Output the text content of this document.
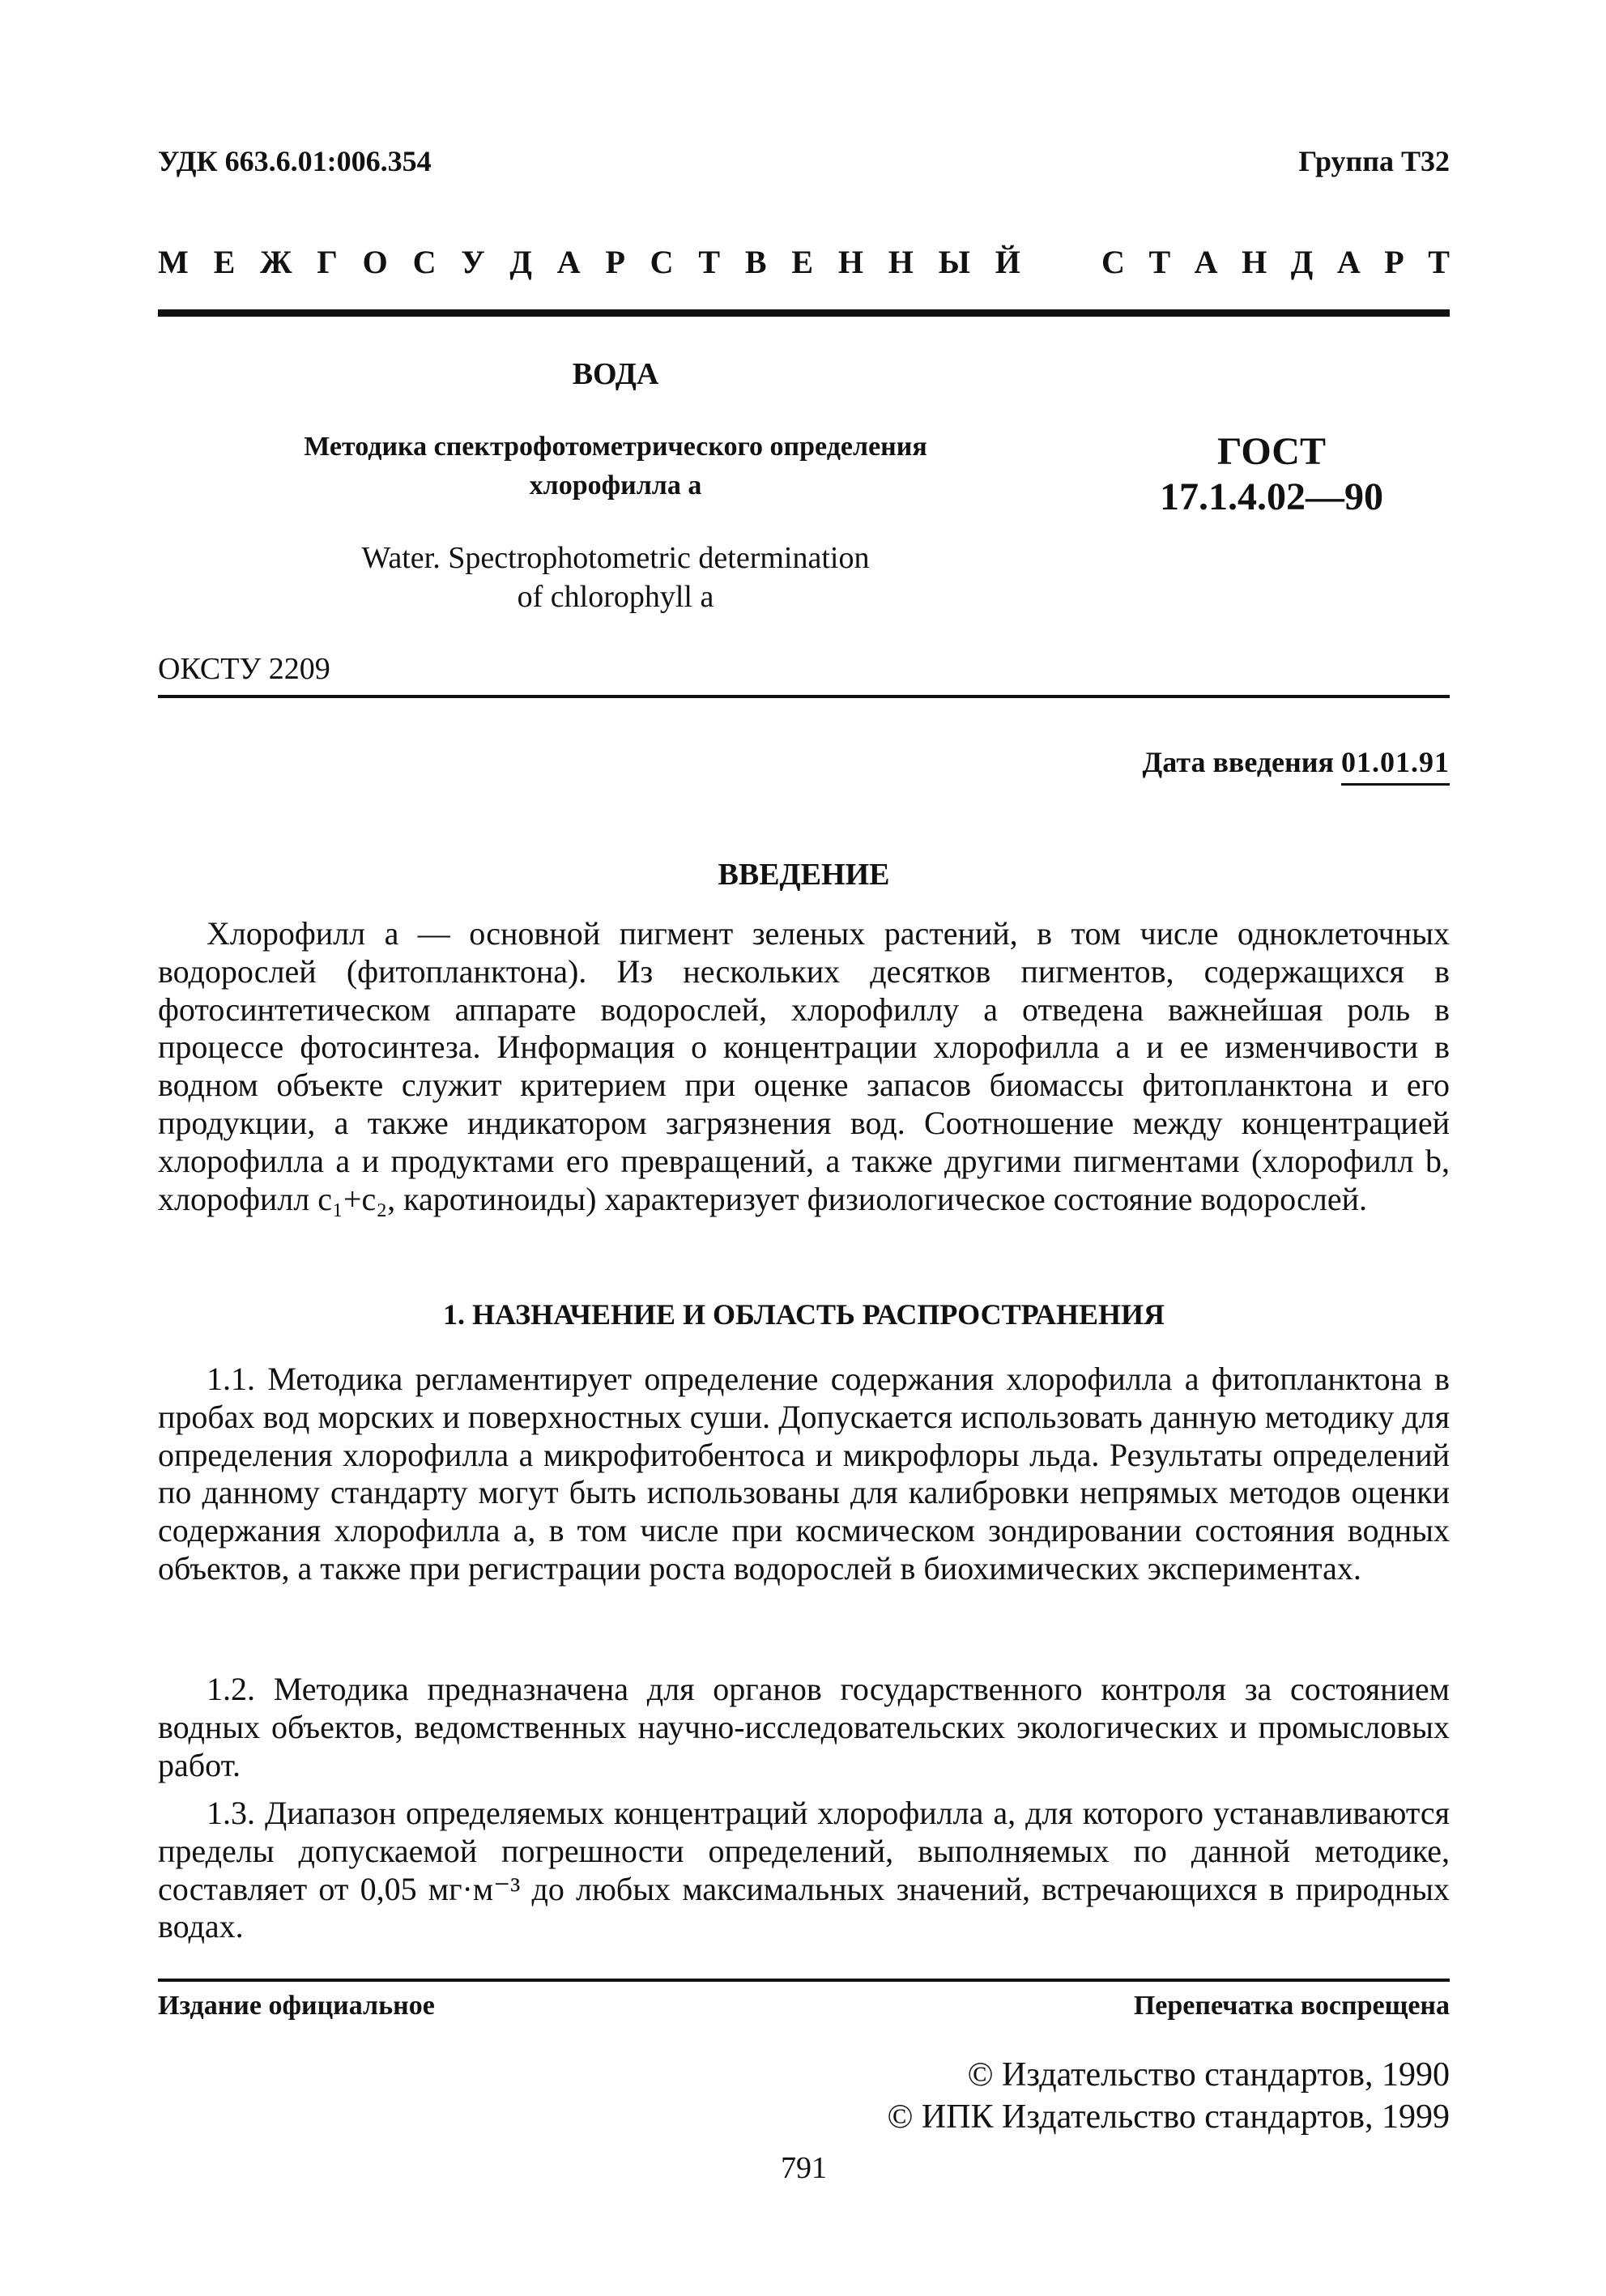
УДК 663.6.01:006.354	Группа Т32
М Е Ж Г О С У Д А Р С Т В Е Н Н Ы Й	С Т А Н Д А Р Т
ВОДА
Методика спектрофотометрического определения
хлорофилла a
ГОСТ
17.1.4.02—90
Water. Spectrophotometric determination
of chlorophyll a
ОКСТУ 2209
Дата введения 01.01.91
ВВЕДЕНИЕ
Хлорофилл a — основной пигмент зеленых растений, в том числе одноклеточных водорослей (фитопланктона). Из нескольких десятков пигментов, содержащихся в фотосинтетическом аппарате водорослей, хлорофиллу a отведена важнейшая роль в процессе фотосинтеза. Информация о концентрации хлорофилла a и ее изменчивости в водном объекте служит критерием при оценке запасов биомассы фитопланктона и его продукции, а также индикатором загрязнения вод. Соотношение между концентрацией хлорофилла a и продуктами его превращений, а также другими пигментами (хлорофилл b, хлорофилл c₁+c₂, каротиноиды) характеризует физиологическое состояние водорослей.
1. НАЗНАЧЕНИЕ И ОБЛАСТЬ РАСПРОСТРАНЕНИЯ
1.1. Методика регламентирует определение содержания хлорофилла a фитопланктона в пробах вод морских и поверхностных суши. Допускается использовать данную методику для определения хлорофилла a микрофитобентоса и микрофлоры льда. Результаты определений по данному стандарту могут быть использованы для калибровки непрямых методов оценки содержания хлорофилла a, в том числе при космическом зондировании состояния водных объектов, а также при регистрации роста водорослей в биохимических экспериментах.
1.2. Методика предназначена для органов государственного контроля за состоянием водных объектов, ведомственных научно-исследовательских экологических и промысловых работ.
1.3. Диапазон определяемых концентраций хлорофилла a, для которого устанавливаются пределы допускаемой погрешности определений, выполняемых по данной методике, составляет от 0,05 мг·м⁻³ до любых максимальных значений, встречающихся в природных водах.
Издание официальное	Перепечатка воспрещена
© Издательство стандартов, 1990
© ИПК Издательство стандартов, 1999
791
